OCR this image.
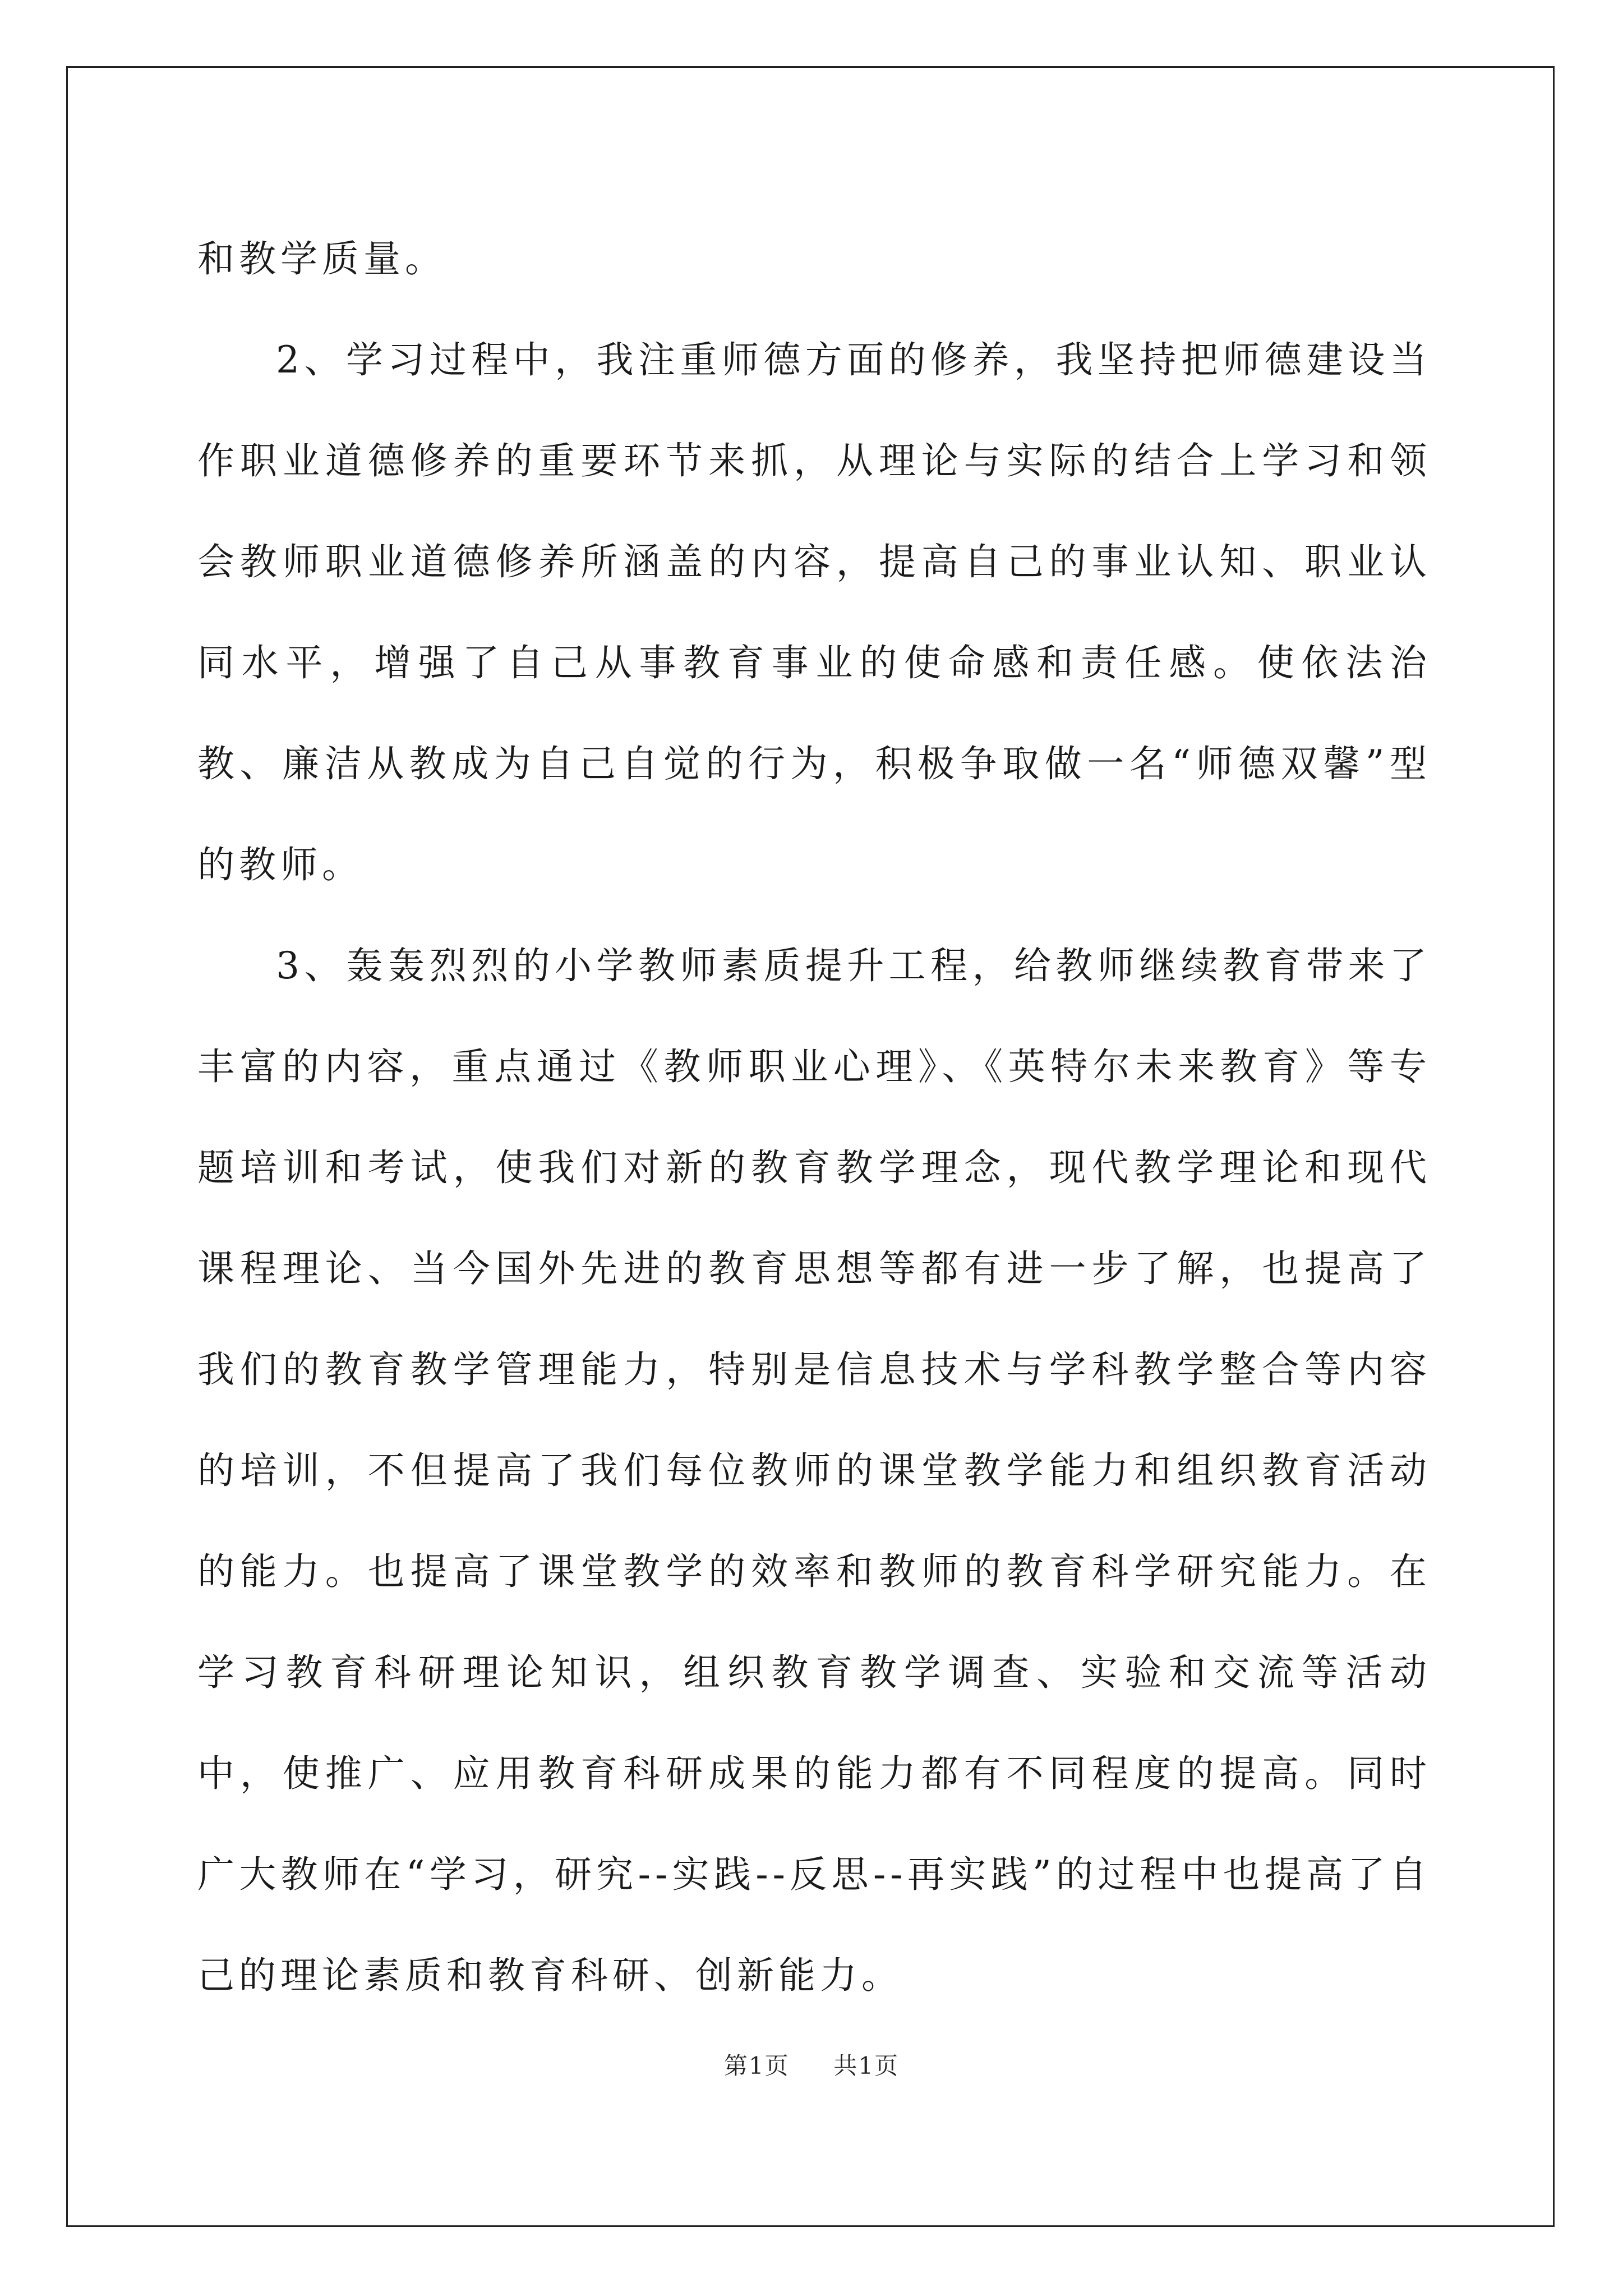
和教学质量。

2、学习过程中，我注重师德方面的修养，我坚持把师德建设当作职业道德修养的重要环节来抓，从理论与实际的结合上学习和领会教师职业道德修养所涵盖的内容，提高自己的事业认知、职业认同水平，增强了自己从事教育事业的使命感和责任感。使依法治教、廉洁从教成为自己自觉的行为，积极争取做一名“师德双馨”型的教师。

3、轰轰烈烈的小学教师素质提升工程，给教师继续教育带来了丰富的内容，重点通过《教师职业心理》、《英特尔未来教育》等专题培训和考试，使我们对新的教育教学理念，现代教学理论和现代课程理论、当今国外先进的教育思想等都有进一步了解，也提高了我们的教育教学管理能力，特别是信息技术与学科教学整合等内容的培训，不但提高了我们每位教师的课堂教学能力和组织教育活动的能力。也提高了课堂教学的效率和教师的教育科学研究能力。在学习教育科研理论知识，组织教育教学调查、实验和交流等活动中，使推广、应用教育科研成果的能力都有不同程度的提高。同时广大教师在“学习，研究--实践--反思--再实践”的过程中也提高了自己的理论素质和教育科研、创新能力。

第1页 共1页
